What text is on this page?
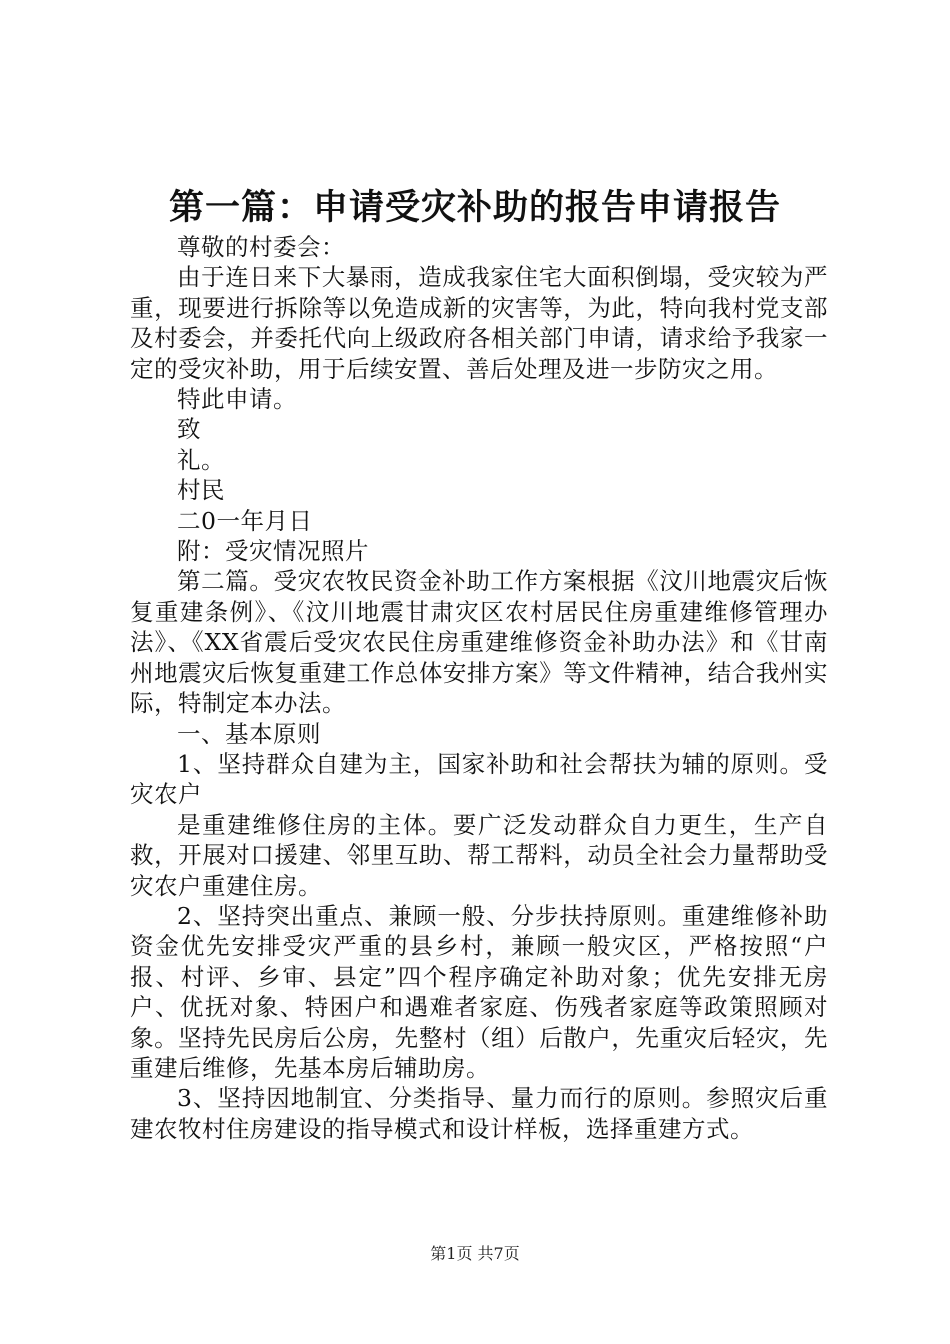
第一篇：申请受灾补助的报告申请报告

尊敬的村委会：

由于连日来下大暴雨，造成我家住宅大面积倒塌，受灾较为严重，现要进行拆除等以免造成新的灾害等，为此，特向我村党支部及村委会，并委托代向上级政府各相关部门申请，请求给予我家一定的受灾补助，用于后续安置、善后处理及进一步防灾之用。

特此申请。

致

礼。

村民

二0一年月日

附：受灾情况照片

第二篇。受灾农牧民资金补助工作方案根据《汶川地震灾后恢复重建条例》、《汶川地震甘肃灾区农村居民住房重建维修管理办法》、《XX省震后受灾农民住房重建维修资金补助办法》和《甘南州地震灾后恢复重建工作总体安排方案》等文件精神，结合我州实际，特制定本办法。

一、基本原则

1、坚持群众自建为主，国家补助和社会帮扶为辅的原则。受灾农户

是重建维修住房的主体。要广泛发动群众自力更生，生产自救，开展对口援建、邻里互助、帮工帮料，动员全社会力量帮助受灾农户重建住房。

2、坚持突出重点、兼顾一般、分步扶持原则。重建维修补助资金优先安排受灾严重的县乡村，兼顾一般灾区，严格按照“户报、村评、乡审、县定”四个程序确定补助对象；优先安排无房户、优抚对象、特困户和遇难者家庭、伤残者家庭等政策照顾对象。坚持先民房后公房，先整村（组）后散户，先重灾后轻灾，先重建后维修，先基本房后辅助房。

3、坚持因地制宜、分类指导、量力而行的原则。参照灾后重建农牧村住房建设的指导模式和设计样板，选择重建方式。

第1页 共7页
